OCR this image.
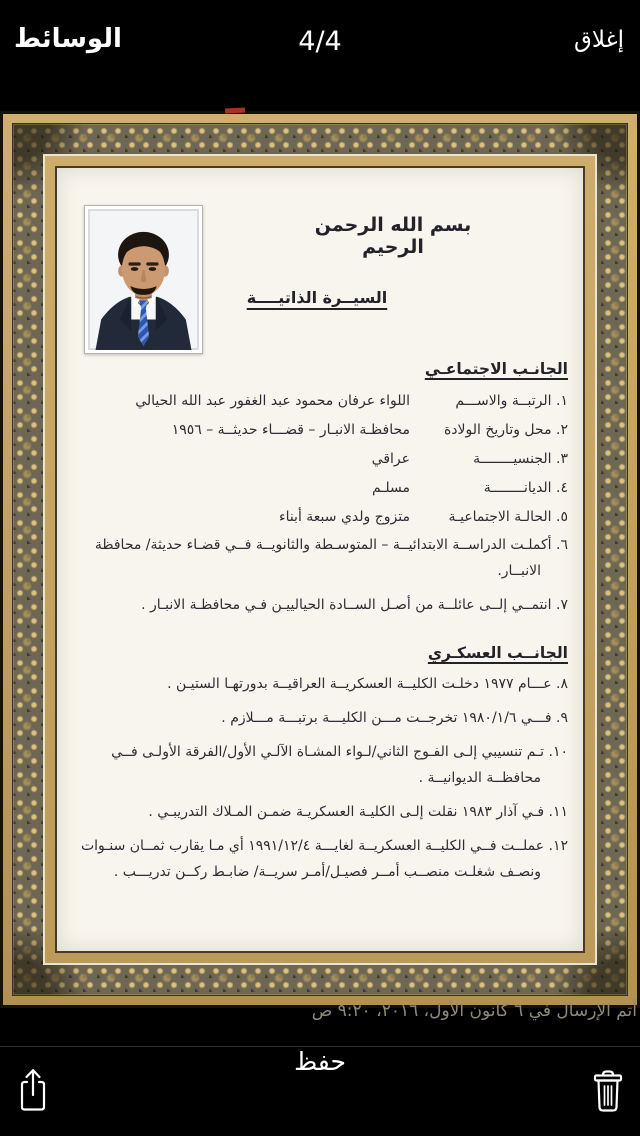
الوسائط	4/4	إغلاق
بسم الله الرحمن الرحيم
السيــرة الذاتيــــة
الجانـب الاجتماعـي
١. الرتبــة والاســـم
اللواء عرفان محمود عبد الغفور عبد الله الحيالي
٢. محل وتاريخ الولادة
محافظـة الانبـار – قضـــاء حديثــة – ١٩٥٦
٣. الجنسيــــــــة
عراقي
٤. الديانــــــــة
مسلـم
٥. الحالـة الاجتماعيـة
متزوج ولدي سبعة أبناء
٦. أكملـت الدراســة الابتدائيــة – المتوسـطة والثانويــة فــي قضـاء حديثة/ محافظة الانبــار.
٧. انتمــي إلــى عائلــة من أصـل الســادة الحيالييـن فـي محافظـة الانبـار .
الجانــب العسكـري
٨. عـــام ١٩٧٧ دخلـت الكليــة العسكريــة العراقيــة بدورتهـا الستيـن .
٩. فـــي ١٩٨٠/١/٦ تخرجــت مـــن الكليـــة برتبـــة مـــلازم .
١٠. تـم تنسيبي إلـى الفـوج الثاني/لـواء المشـاة الآلـي الأول/الفرقة الأولـى فــي محافظــة الديوانيــة .
١١. فـي آذار ١٩٨٣ نقلت إلـى الكليـة العسكريـة ضمـن المـلاك التدريبـي .
١٢. عملــت فــي الكليــة العسكريــة لغايـــة ١٩٩١/١٢/٤ أي مـا يقارب ثمــان سنـوات ونصـف شغلـت منصــب أمــر فصيـل/أمـر سريــة/ ضابـط ركــن تدريـــب .
أتم الإرسال في ٦ كانون الأول، ٢٠١٦، ٩:٢٠ ص
حفظ
